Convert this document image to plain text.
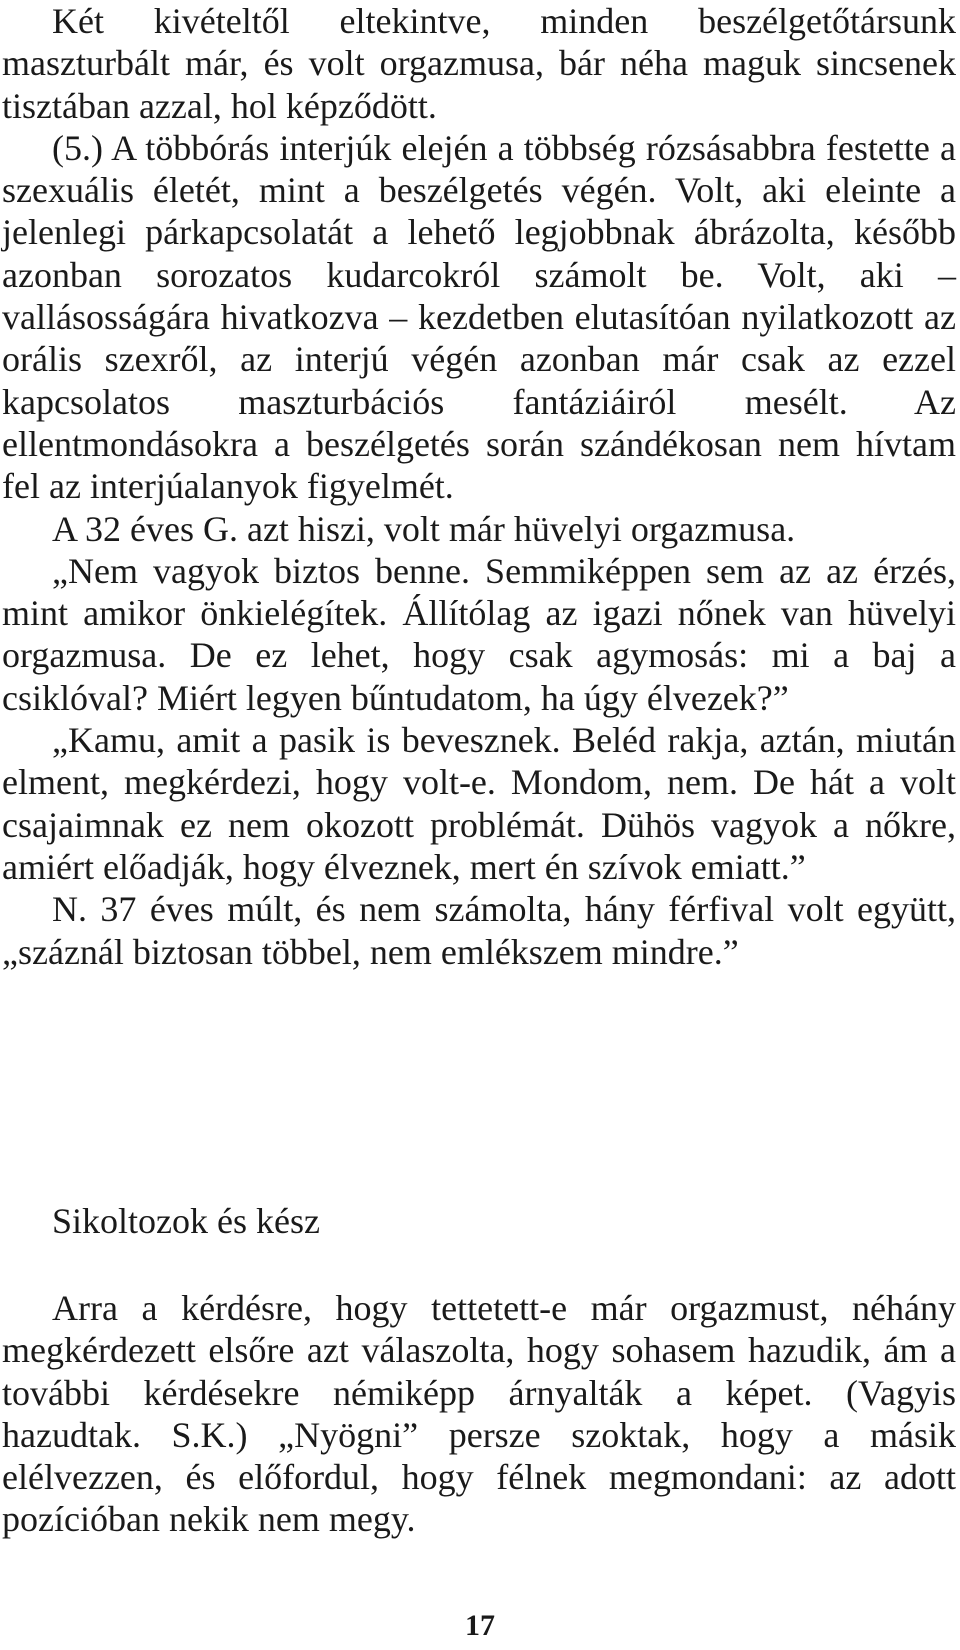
Két kivételtől eltekintve, minden beszélgetőtársunk maszturbált már, és volt orgazmusa, bár néha maguk sincsenek tisztában azzal, hol képződött.

(5.) A többórás interjúk elején a többség rózsásabbra festette a szexuális életét, mint a beszélgetés végén. Volt, aki eleinte a jelenlegi párkapcsolatát a lehető legjobbnak ábrázolta, később azonban sorozatos kudarcokról számolt be. Volt, aki – vallásosságára hivatkozva – kezdetben elutasítóan nyilatkozott az orális szexről, az interjú végén azonban már csak az ezzel kapcsolatos maszturbációs fantáziáiról mesélt. Az ellentmondásokra a beszélgetés során szándékosan nem hívtam fel az interjúalanyok figyelmét.

A 32 éves G. azt hiszi, volt már hüvelyi orgazmusa.

„Nem vagyok biztos benne. Semmiképpen sem az az érzés, mint amikor önkielégítek. Állítólag az igazi nőnek van hüvelyi orgazmusa. De ez lehet, hogy csak agymosás: mi a baj a csiklóval? Miért legyen bűntudatom, ha úgy élvezek?”

„Kamu, amit a pasik is bevesznek. Beléd rakja, aztán, miután elment, megkérdezi, hogy volt-e. Mondom, nem. De hát a volt csajaimnak ez nem okozott problémát. Dühös vagyok a nőkre, amiért előadják, hogy élveznek, mert én szívok emiatt.”

N. 37 éves múlt, és nem számolta, hány férfival volt együtt, „száznál biztosan többel, nem emlékszem mindre.”

Sikoltozok és kész

Arra a kérdésre, hogy tettetett-e már orgazmust, néhány megkérdezett elsőre azt válaszolta, hogy sohasem hazudik, ám a további kérdésekre némiképp árnyalták a képet. (Vagyis hazudtak. S.K.) „Nyögni” persze szoktak, hogy a másik elélvezzen, és előfordul, hogy félnek megmondani: az adott pozícióban nekik nem megy.

17
